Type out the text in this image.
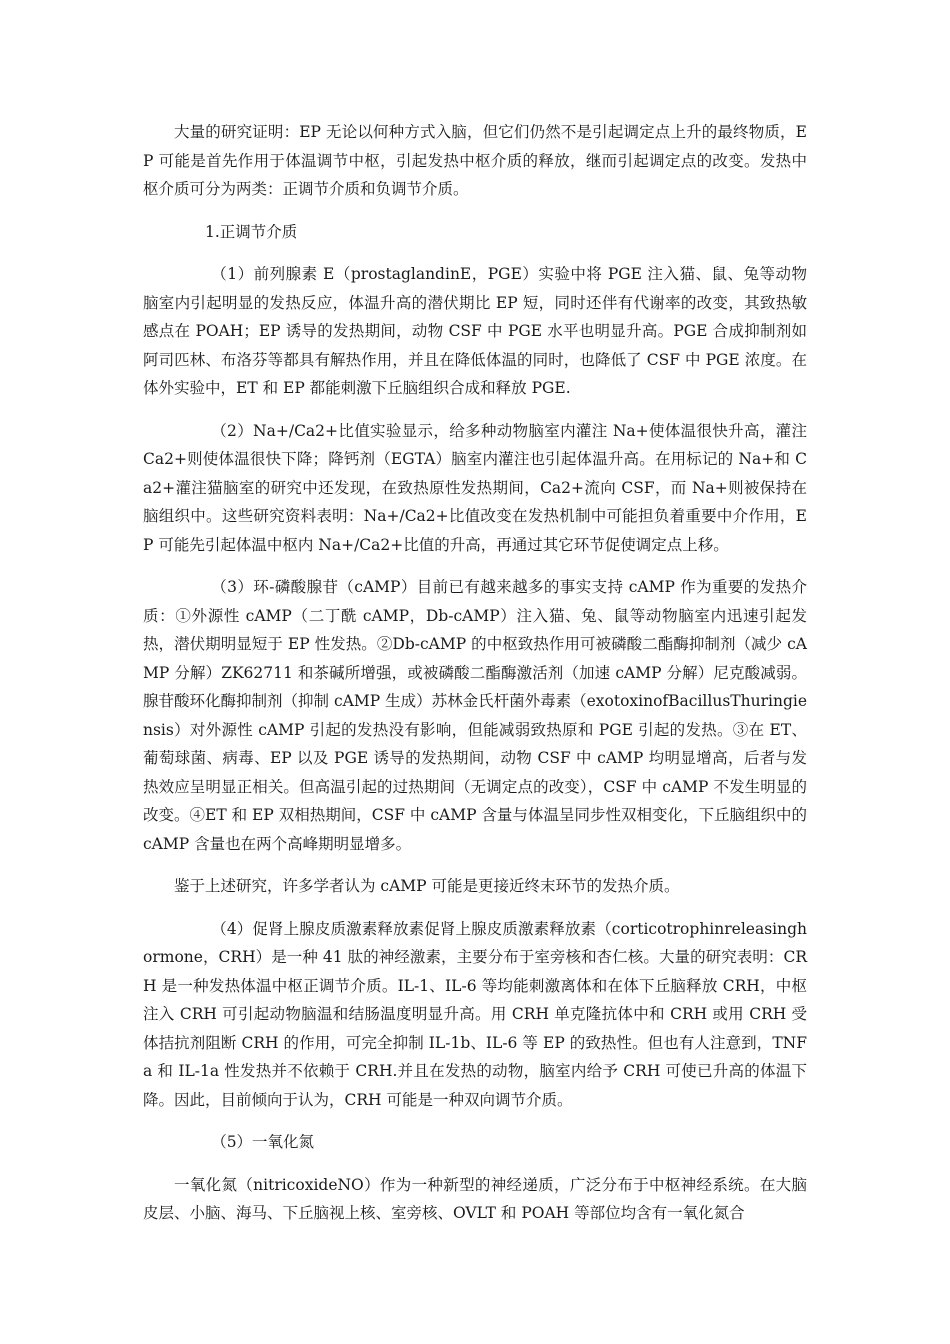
大量的研究证明：EP 无论以何种方式入脑，但它们仍然不是引起调定点上升的最终物质，EP 可能是首先作用于体温调节中枢，引起发热中枢介质的释放，继而引起调定点的改变。发热中枢介质可分为两类：正调节介质和负调节介质。

1.正调节介质

（1）前列腺素 E（prostaglandinE，PGE）实验中将 PGE 注入猫、鼠、兔等动物脑室内引起明显的发热反应，体温升高的潜伏期比 EP 短，同时还伴有代谢率的改变，其致热敏感点在 POAH；EP 诱导的发热期间，动物 CSF 中 PGE 水平也明显升高。PGE 合成抑制剂如阿司匹林、布洛芬等都具有解热作用，并且在降低体温的同时，也降低了 CSF 中 PGE 浓度。在体外实验中，ET 和 EP 都能刺激下丘脑组织合成和释放 PGE.

（2）Na+/Ca2+比值实验显示，给多种动物脑室内灌注 Na+使体温很快升高，灌注 Ca2+则使体温很快下降；降钙剂（EGTA）脑室内灌注也引起体温升高。在用标记的 Na+和 Ca2+灌注猫脑室的研究中还发现，在致热原性发热期间，Ca2+流向 CSF，而 Na+则被保持在脑组织中。这些研究资料表明：Na+/Ca2+比值改变在发热机制中可能担负着重要中介作用，EP 可能先引起体温中枢内 Na+/Ca2+比值的升高，再通过其它环节促使调定点上移。

（3）环-磷酸腺苷（cAMP）目前已有越来越多的事实支持 cAMP 作为重要的发热介质：①外源性 cAMP（二丁酰 cAMP，Db-cAMP）注入猫、兔、鼠等动物脑室内迅速引起发热，潜伏期明显短于 EP 性发热。②Db-cAMP 的中枢致热作用可被磷酸二酯酶抑制剂（减少 cAMP 分解）ZK62711 和茶碱所增强，或被磷酸二酯酶激活剂（加速 cAMP 分解）尼克酸减弱。腺苷酸环化酶抑制剂（抑制 cAMP 生成）苏林金氏杆菌外毒素（exotoxinofBacillusThuringiensis）对外源性 cAMP 引起的发热没有影响，但能减弱致热原和 PGE 引起的发热。③在 ET、葡萄球菌、病毒、EP 以及 PGE 诱导的发热期间，动物 CSF 中 cAMP 均明显增高，后者与发热效应呈明显正相关。但高温引起的过热期间（无调定点的改变），CSF 中 cAMP 不发生明显的改变。④ET 和 EP 双相热期间，CSF 中 cAMP 含量与体温呈同步性双相变化，下丘脑组织中的 cAMP 含量也在两个高峰期明显增多。

鉴于上述研究，许多学者认为 cAMP 可能是更接近终末环节的发热介质。

（4）促肾上腺皮质激素释放素促肾上腺皮质激素释放素（corticotrophinreleasinghormone，CRH）是一种 41 肽的神经激素，主要分布于室旁核和杏仁核。大量的研究表明：CRH 是一种发热体温中枢正调节介质。IL-1、IL-6 等均能刺激离体和在体下丘脑释放 CRH，中枢注入 CRH 可引起动物脑温和结肠温度明显升高。用 CRH 单克隆抗体中和 CRH 或用 CRH 受体拮抗剂阻断 CRH 的作用，可完全抑制 IL-1b、IL-6 等 EP 的致热性。但也有人注意到，TNFa 和 IL-1a 性发热并不依赖于 CRH.并且在发热的动物，脑室内给予 CRH 可使已升高的体温下降。因此，目前倾向于认为，CRH 可能是一种双向调节介质。

（5）一氧化氮

一氧化氮（nitricoxideNO）作为一种新型的神经递质，广泛分布于中枢神经系统。在大脑皮层、小脑、海马、下丘脑视上核、室旁核、OVLT 和 POAH 等部位均含有一氧化氮合
